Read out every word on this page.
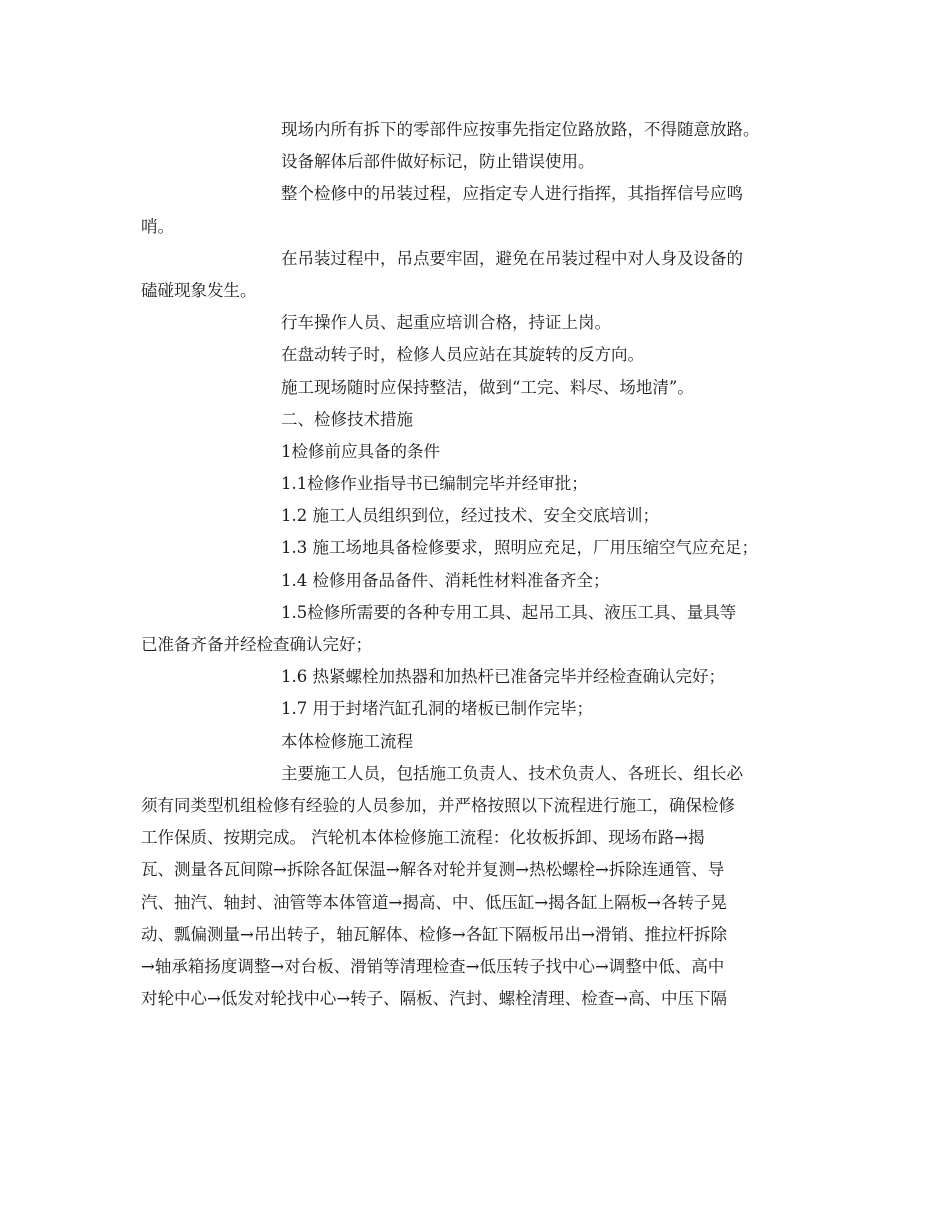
现场内所有拆下的零部件应按事先指定位路放路，不得随意放路。
设备解体后部件做好标记，防止错误使用。
整个检修中的吊装过程，应指定专人进行指挥，其指挥信号应鸣
哨。
在吊装过程中，吊点要牢固，避免在吊装过程中对人身及设备的
磕碰现象发生。
行车操作人员、起重应培训合格，持证上岗。
在盘动转子时，检修人员应站在其旋转的反方向。
施工现场随时应保持整洁，做到“工完、料尽、场地清”。
二、检修技术措施
1检修前应具备的条件
1.1检修作业指导书已编制完毕并经审批；
1.2 施工人员组织到位，经过技术、安全交底培训；
1.3 施工场地具备检修要求，照明应充足，厂用压缩空气应充足；
1.4 检修用备品备件、消耗性材料准备齐全；
1.5检修所需要的各种专用工具、起吊工具、液压工具、量具等
已准备齐备并经检查确认完好；
1.6 热紧螺栓加热器和加热杆已准备完毕并经检查确认完好；
1.7 用于封堵汽缸孔洞的堵板已制作完毕；
本体检修施工流程
主要施工人员，包括施工负责人、技术负责人、各班长、组长必
须有同类型机组检修有经验的人员参加，并严格按照以下流程进行施工，确保检修
工作保质、按期完成。 汽轮机本体检修施工流程：化妆板拆卸、现场布路→揭
瓦、测量各瓦间隙→拆除各缸保温→解各对轮并复测→热松螺栓→拆除连通管、导
汽、抽汽、轴封、油管等本体管道→揭高、中、低压缸→揭各缸上隔板→各转子晃
动、瓢偏测量→吊出转子，轴瓦解体、检修→各缸下隔板吊出→滑销、推拉杆拆除
→轴承箱扬度调整→对台板、滑销等清理检查→低压转子找中心→调整中低、高中
对轮中心→低发对轮找中心→转子、隔板、汽封、螺栓清理、检查→高、中压下隔
